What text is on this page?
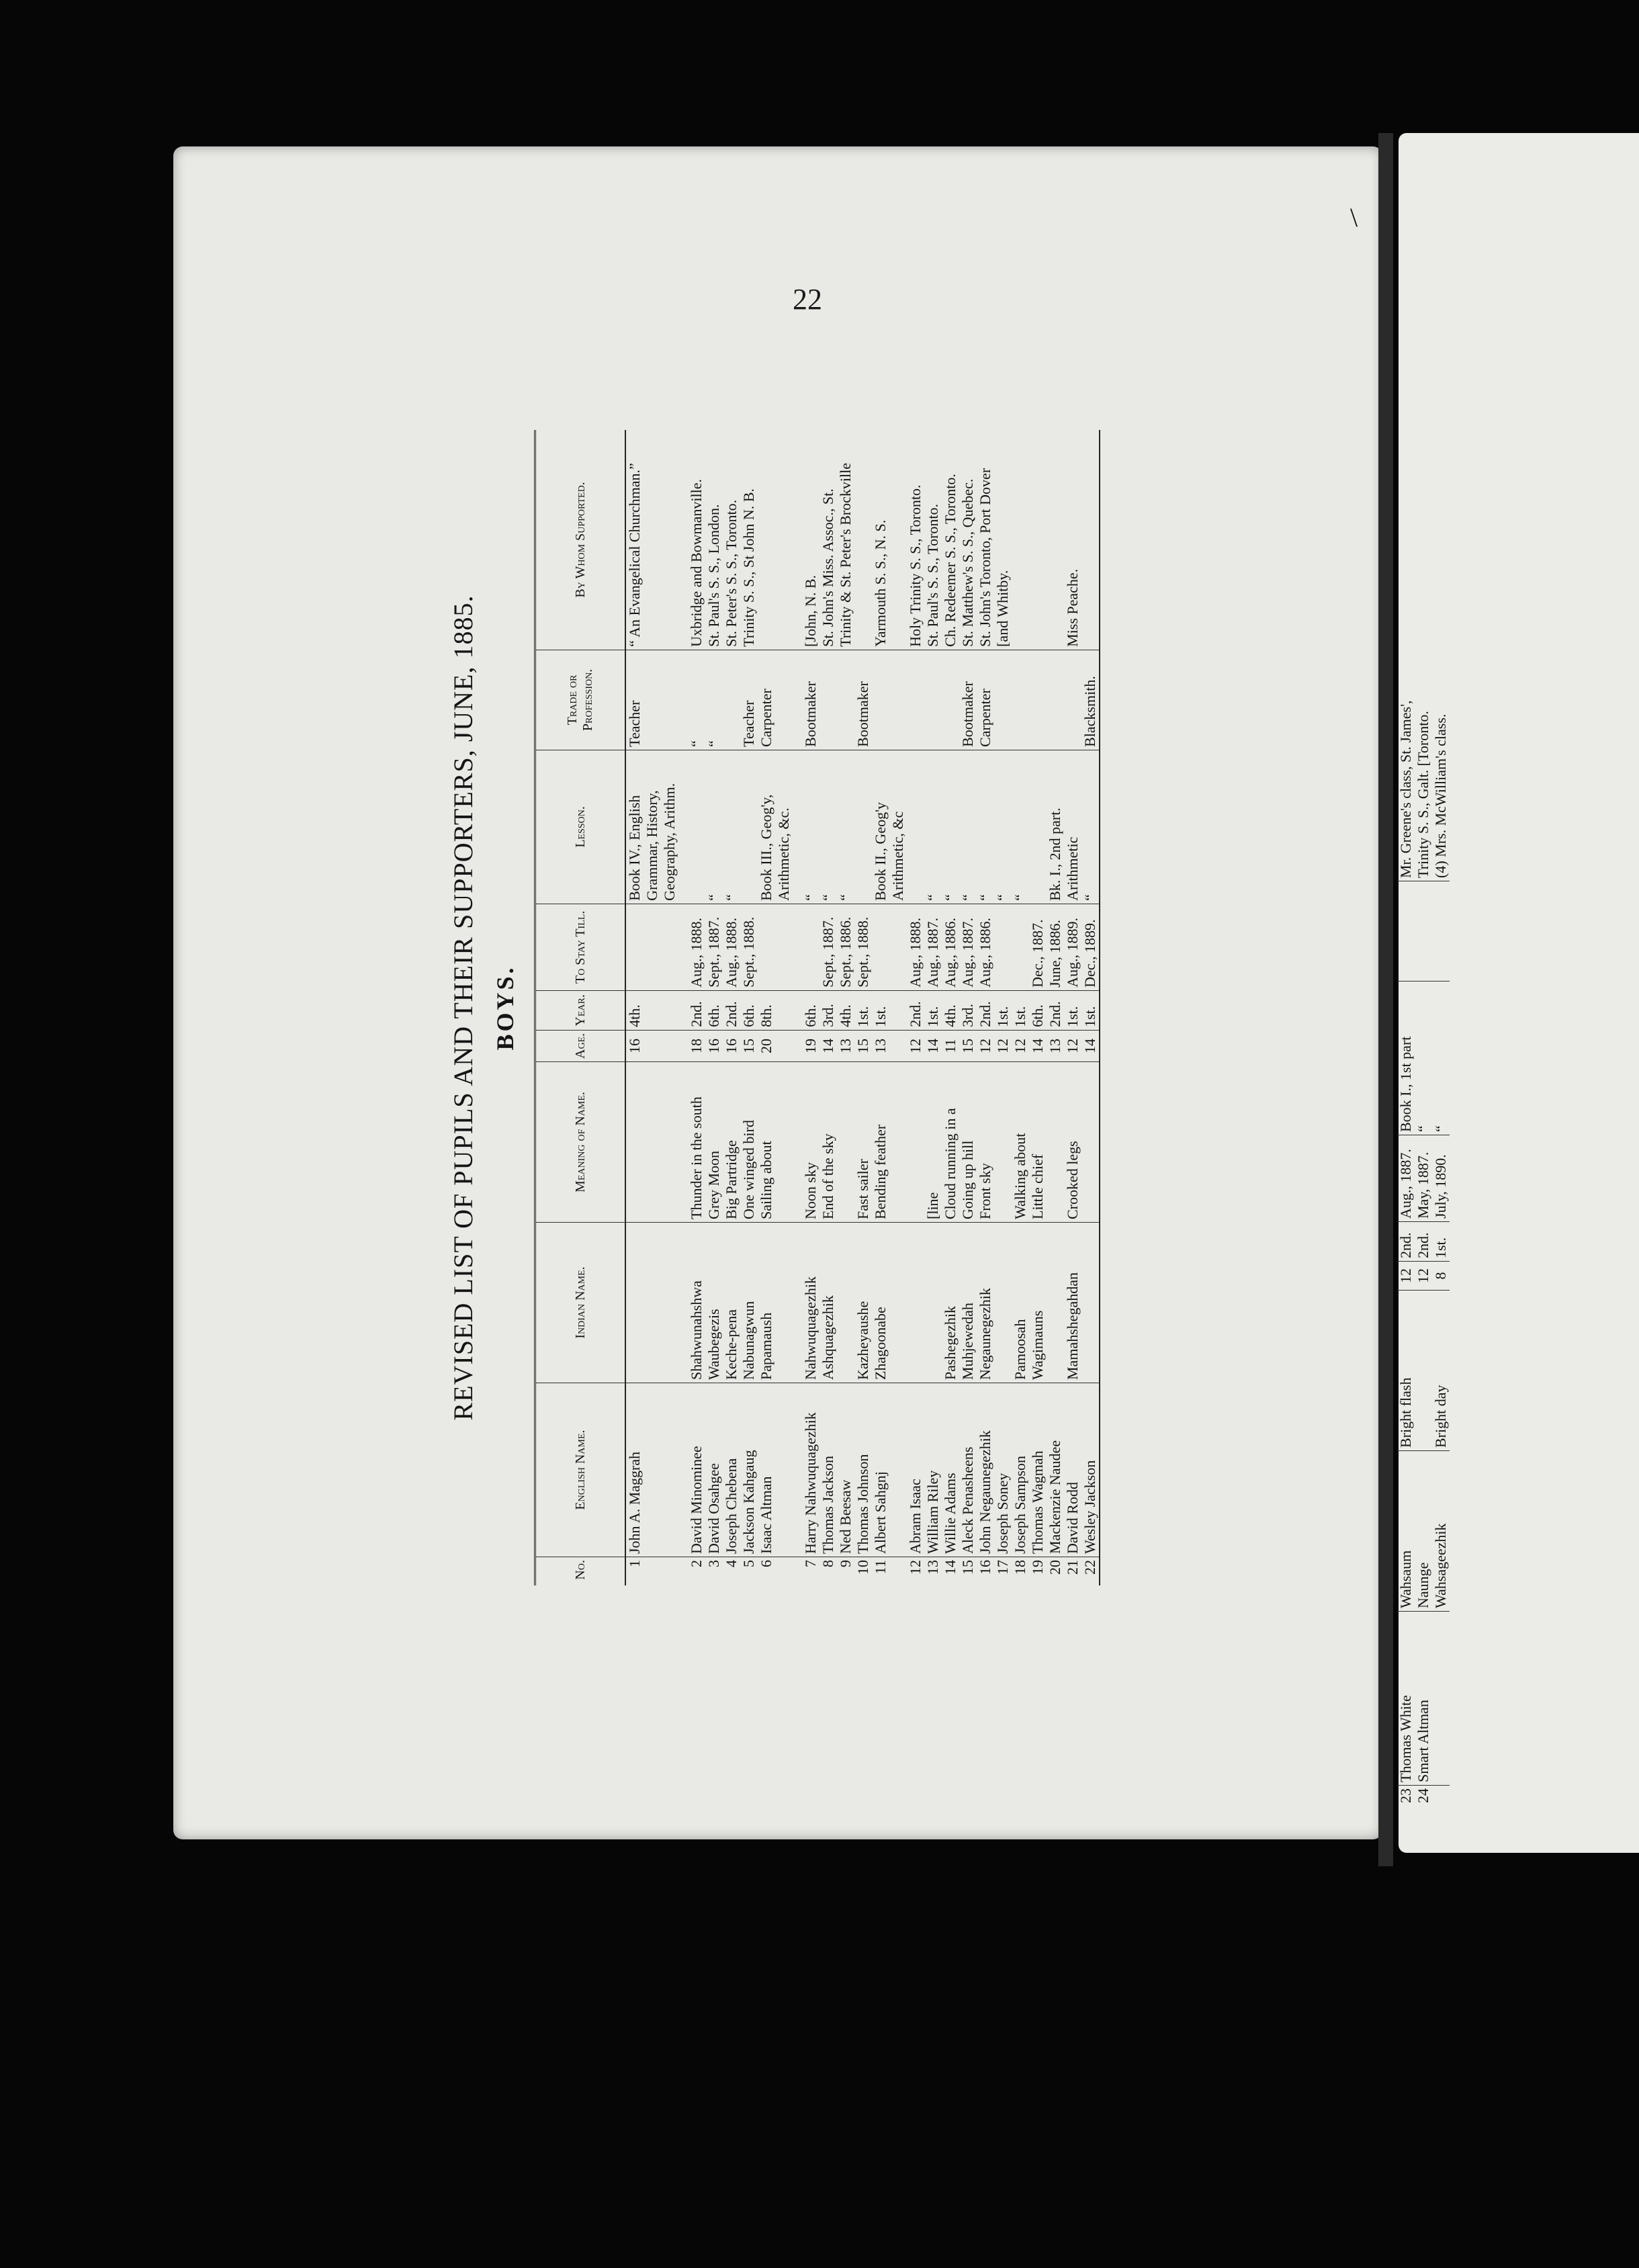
22
REVISED LIST OF PUPILS AND THEIR SUPPORTERS, JUNE, 1885. BOYS.
No.	English Name.	Indian Name.	Meaning of Name.	Age.	Year.	To Stay Till.	Lesson.	Trade or Profession.	By Whom Supported.
1	John A. Maggrah			16	4th.		Book IV., English Grammar, History, Geography, Arithm.	Teacher	“ An Evangelical Churchman.”

2	David Minominee	Shahwunahshwa	Thunder in the south	18	2nd.	Aug., 1888.		“	Uxbridge and Bowmanville.
3	David Osahgee	Waubegezis	Grey Moon	16	6th.	Sept., 1887.	“	“	St. Paul's S. S., London.
4	Joseph Chebena	Keche-pena	Big Partridge	16	2nd.	Aug., 1888.	“		St. Peter's S. S., Toronto.
5	Jackson Kahgaug	Nabunagwun	One winged bird	15	6th.	Sept., 1888.		Teacher	Trinity S. S., St John N. B.
6	Isaac Altman	Papamaush	Sailing about	20	8th.		Book III., Geog'y, Arithmetic, &c.	Carpenter	

7	Harry Nahwuquagezhik	Nahwuquagezhik	Noon sky	19	6th.		“	Bootmaker	[John, N. B.
8	Thomas Jackson	Ashquagezhik	End of the sky	14	3rd.	Sept., 1887.	“		St. John's Miss. Assoc., St.
9	Ned Beesaw			13	4th.	Sept., 1886.	“		Trinity & St. Peter's Brockville
10	Thomas Johnson	Kazheyaushe	Fast sailer	15	1st.	Sept., 1888.		Bootmaker	
11	Albert Sahgnj	Zhagoonabe	Bending feather	13	1st.		Book II., Geog'y Arithmetic, &c		Yarmouth S. S., N. S.
12	Abram Isaac			12	2nd.	Aug., 1888.			Holy Trinity S. S., Toronto.
13	William Riley		[line	14	1st.	Aug., 1887.	“		St. Paul's S. S., Toronto.
14	Willie Adams	Pashegezhik	Cloud running in a	11	4th.	Aug., 1886.	“		Ch. Redeemer S. S., Toronto.
15	Aleck Penasheens	Muhjewedah	Going up hill	15	3rd.	Aug., 1887.	“	Bootmaker	St. Matthew's S. S., Quebec.
16	John Negaunegezhik	Negaunegezhik	Front sky	12	2nd.	Aug., 1886.	“	Carpenter	St. John's Toronto, Port Dover
17	Joseph Soney			12	1st.		“		[and Whitby.
18	Joseph Sampson	Pamoosah	Walking about	12	1st.		“		
19	Thomas Wagmah	Wagimauns	Little chief	14	6th.	Dec., 1887.			
20	Mackenzie Naudee			13	2nd.	June, 1886.	Bk. I., 2nd part.		
21	David Rodd	Mamahshegahdan	Crooked legs	12	1st.	Aug., 1889.	Arithmetic		Miss Peache.
22	Wesley Jackson			14	1st.	Dec., 1889.	“	Blacksmith.	
23	Thomas White	Wahsaum	Bright flash	12	2nd.	Aug., 1887.	Book I., 1st part		Mr. Greene's class, St. James',
24	Smart Altman	Naunge		12	2nd.	May, 1887.	“		Trinity S. S., Galt. [Toronto.
		Wahsageezhik	Bright day	8	1st.	July, 1890.	“		(4) Mrs. McWilliam's class.
\
